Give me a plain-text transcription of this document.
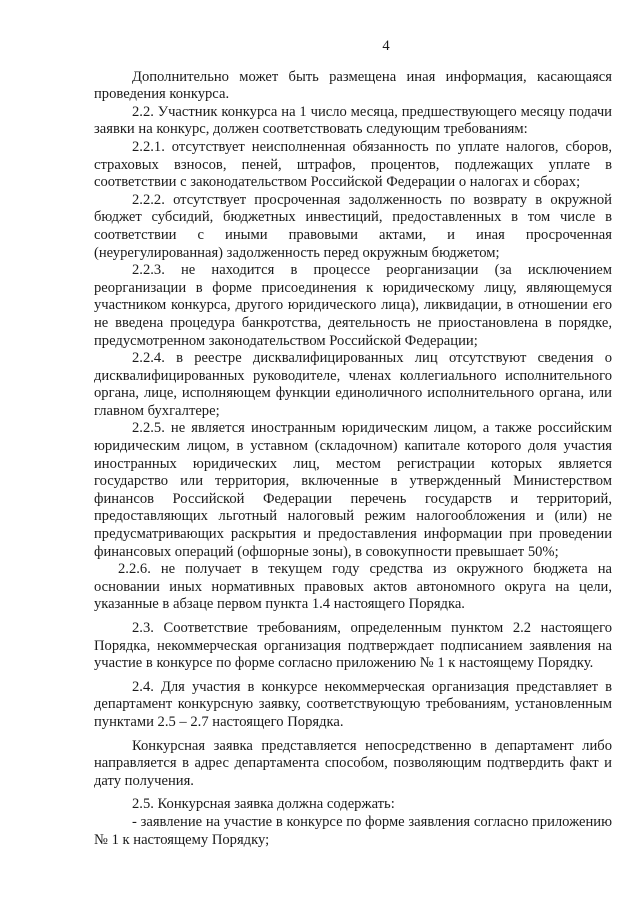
4

Дополнительно может быть размещена иная информация, касающаяся проведения конкурса.

2.2. Участник конкурса на 1 число месяца, предшествующего месяцу подачи заявки на конкурс, должен соответствовать следующим требованиям:

2.2.1. отсутствует неисполненная обязанность по уплате налогов, сборов, страховых взносов, пеней, штрафов, процентов, подлежащих уплате в соответствии с законодательством Российской Федерации о налогах и сборах;

2.2.2. отсутствует просроченная задолженность по возврату в окружной бюджет субсидий, бюджетных инвестиций, предоставленных в том числе в соответствии с иными правовыми актами, и иная просроченная (неурегулированная) задолженность перед окружным бюджетом;

2.2.3. не находится в процессе реорганизации (за исключением реорганизации в форме присоединения к юридическому лицу, являющемуся участником конкурса, другого юридического лица), ликвидации, в отношении его не введена процедура банкротства, деятельность не приостановлена в порядке, предусмотренном законодательством Российской Федерации;

2.2.4. в реестре дисквалифицированных лиц отсутствуют сведения о дисквалифицированных руководителе, членах коллегиального исполнительного органа, лице, исполняющем функции единоличного исполнительного органа, или главном бухгалтере;

2.2.5. не является иностранным юридическим лицом, а также российским юридическим лицом, в уставном (складочном) капитале которого доля участия иностранных юридических лиц, местом регистрации которых является государство или территория, включенные в утвержденный Министерством финансов Российской Федерации перечень государств и территорий, предоставляющих льготный налоговый режим налогообложения и (или) не предусматривающих раскрытия и предоставления информации при проведении финансовых операций (офшорные зоны), в совокупности превышает 50%;

2.2.6. не получает в текущем году средства из окружного бюджета на основании иных нормативных правовых актов автономного округа на цели, указанные в абзаце первом пункта 1.4 настоящего Порядка.

2.3. Соответствие требованиям, определенным пунктом 2.2 настоящего Порядка, некоммерческая организация подтверждает подписанием заявления на участие в конкурсе по форме согласно приложению № 1 к настоящему Порядку.

2.4. Для участия в конкурсе некоммерческая организация представляет в департамент конкурсную заявку, соответствующую требованиям, установленным пунктами 2.5 – 2.7 настоящего Порядка.

Конкурсная заявка представляется непосредственно в департамент либо направляется в адрес департамента способом, позволяющим подтвердить факт и дату получения.

2.5. Конкурсная заявка должна содержать:

- заявление на участие в конкурсе по форме заявления согласно приложению № 1 к настоящему Порядку;
